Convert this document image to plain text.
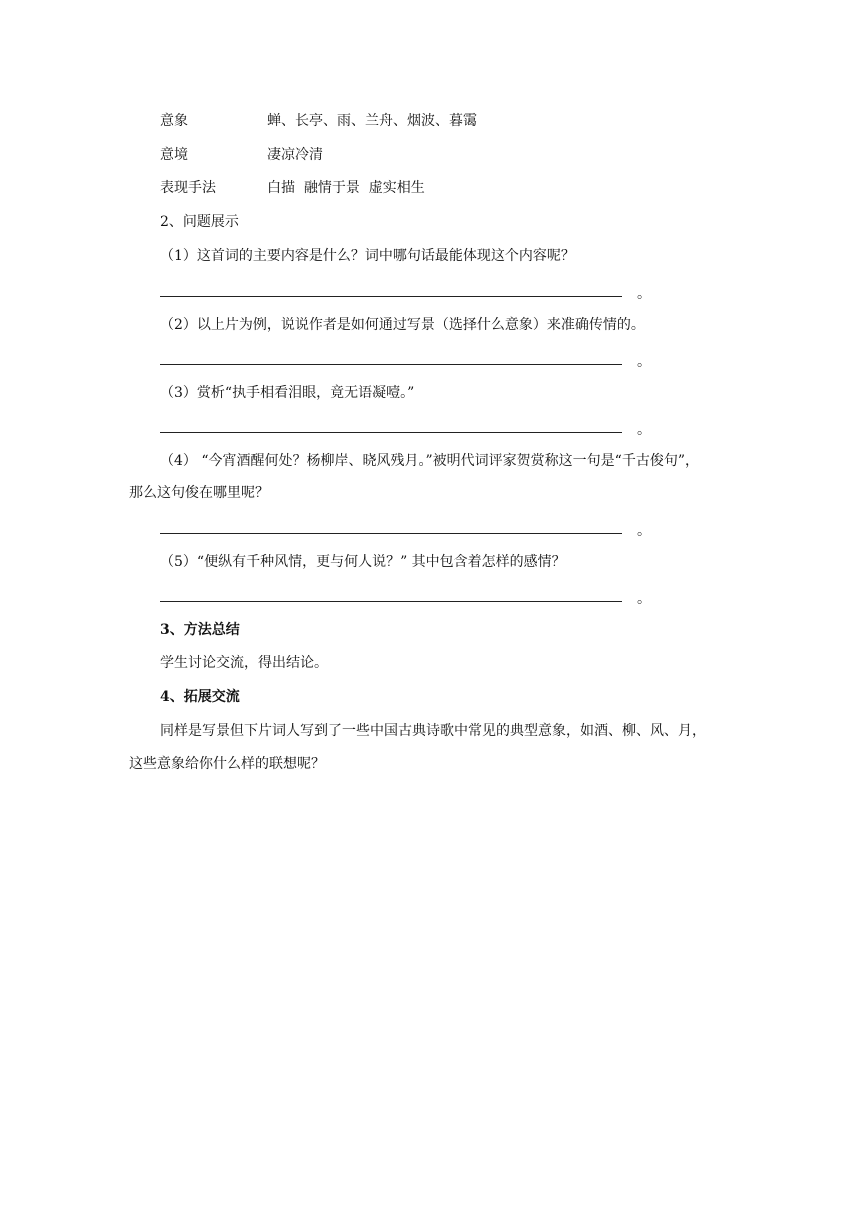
意象	蝉、长亭、雨、兰舟、烟波、暮霭
意境	凄凉冷清
表现手法	白描  融情于景  虚实相生
2、问题展示
（1）这首词的主要内容是什么？词中哪句话最能体现这个内容呢？
。
（2）以上片为例，说说作者是如何通过写景（选择什么意象）来准确传情的。
。
（3）赏析“执手相看泪眼，竟无语凝噎。”
。
（4） “今宵酒醒何处？杨柳岸、晓风残月。”被明代词评家贺赏称这一句是“千古俊句”，
那么这句俊在哪里呢？
。
（5）“便纵有千种风情，更与何人说？” 其中包含着怎样的感情？
。
3、方法总结
学生讨论交流，得出结论。
4、拓展交流
同样是写景但下片词人写到了一些中国古典诗歌中常见的典型意象，如酒、柳、风、月，
这些意象给你什么样的联想呢？
